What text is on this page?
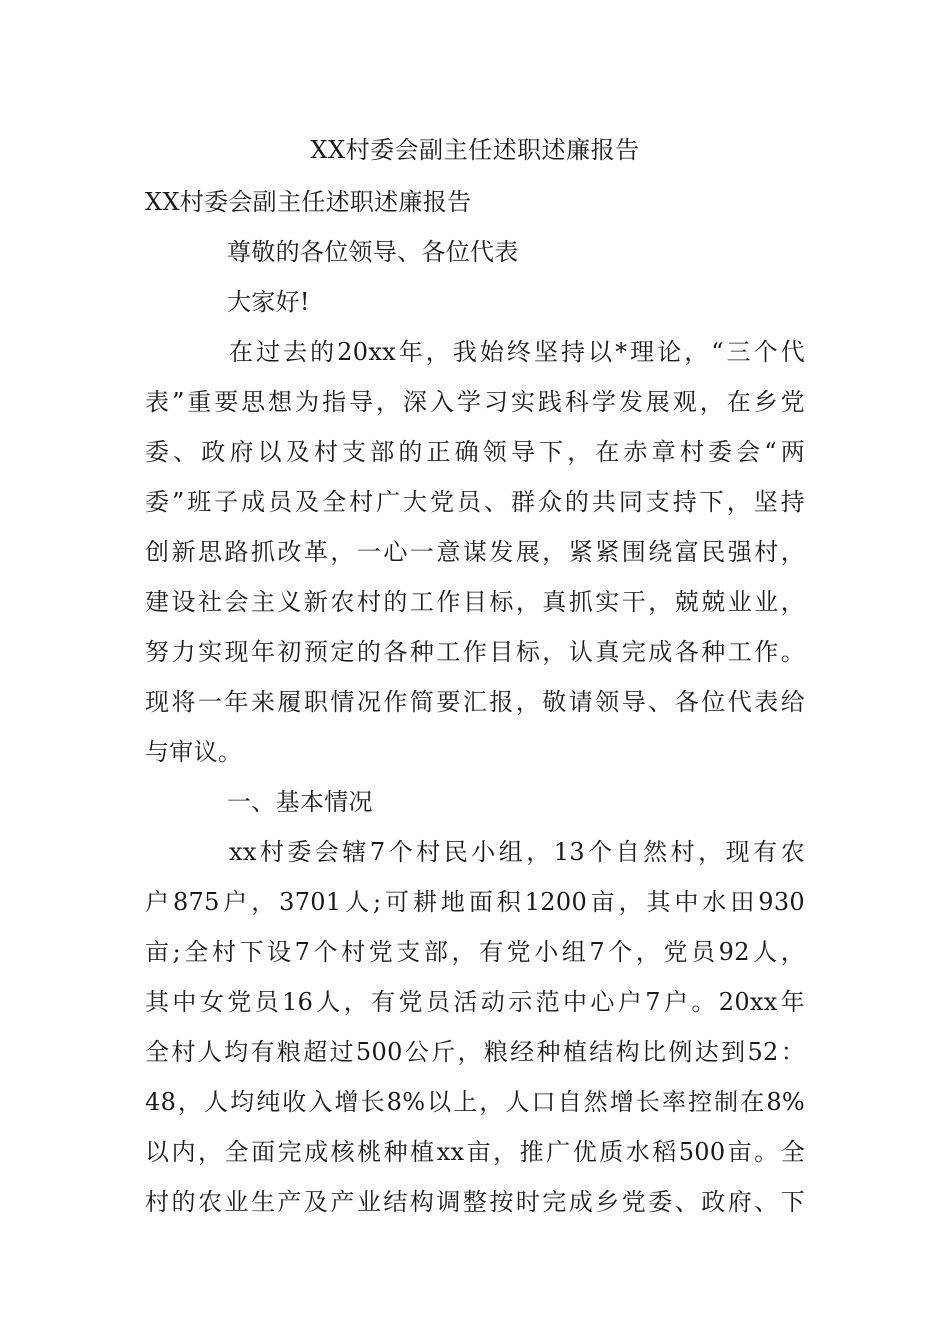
XX村委会副主任述职述廉报告

XX村委会副主任述职述廉报告

尊敬的各位领导、各位代表

大家好!

在过去的20xx年，我始终坚持以*理论，“三个代

表”重要思想为指导，深入学习实践科学发展观，在乡党

委、政府以及村支部的正确领导下，在赤章村委会“两

委”班子成员及全村广大党员、群众的共同支持下，坚持

创新思路抓改革，一心一意谋发展，紧紧围绕富民强村，

建设社会主义新农村的工作目标，真抓实干，兢兢业业，

努力实现年初预定的各种工作目标，认真完成各种工作。

现将一年来履职情况作简要汇报，敬请领导、各位代表给

与审议。

一、基本情况

xx村委会辖7个村民小组，13个自然村，现有农

户875户，3701人;可耕地面积1200亩，其中水田930

亩;全村下设7个村党支部，有党小组7个，党员92人，

其中女党员16人，有党员活动示范中心户7户。20xx年

全村人均有粮超过500公斤，粮经种植结构比例达到52：

48，人均纯收入增长8%以上，人口自然增长率控制在8%

以内，全面完成核桃种植xx亩，推广优质水稻500亩。全

村的农业生产及产业结构调整按时完成乡党委、政府、下
